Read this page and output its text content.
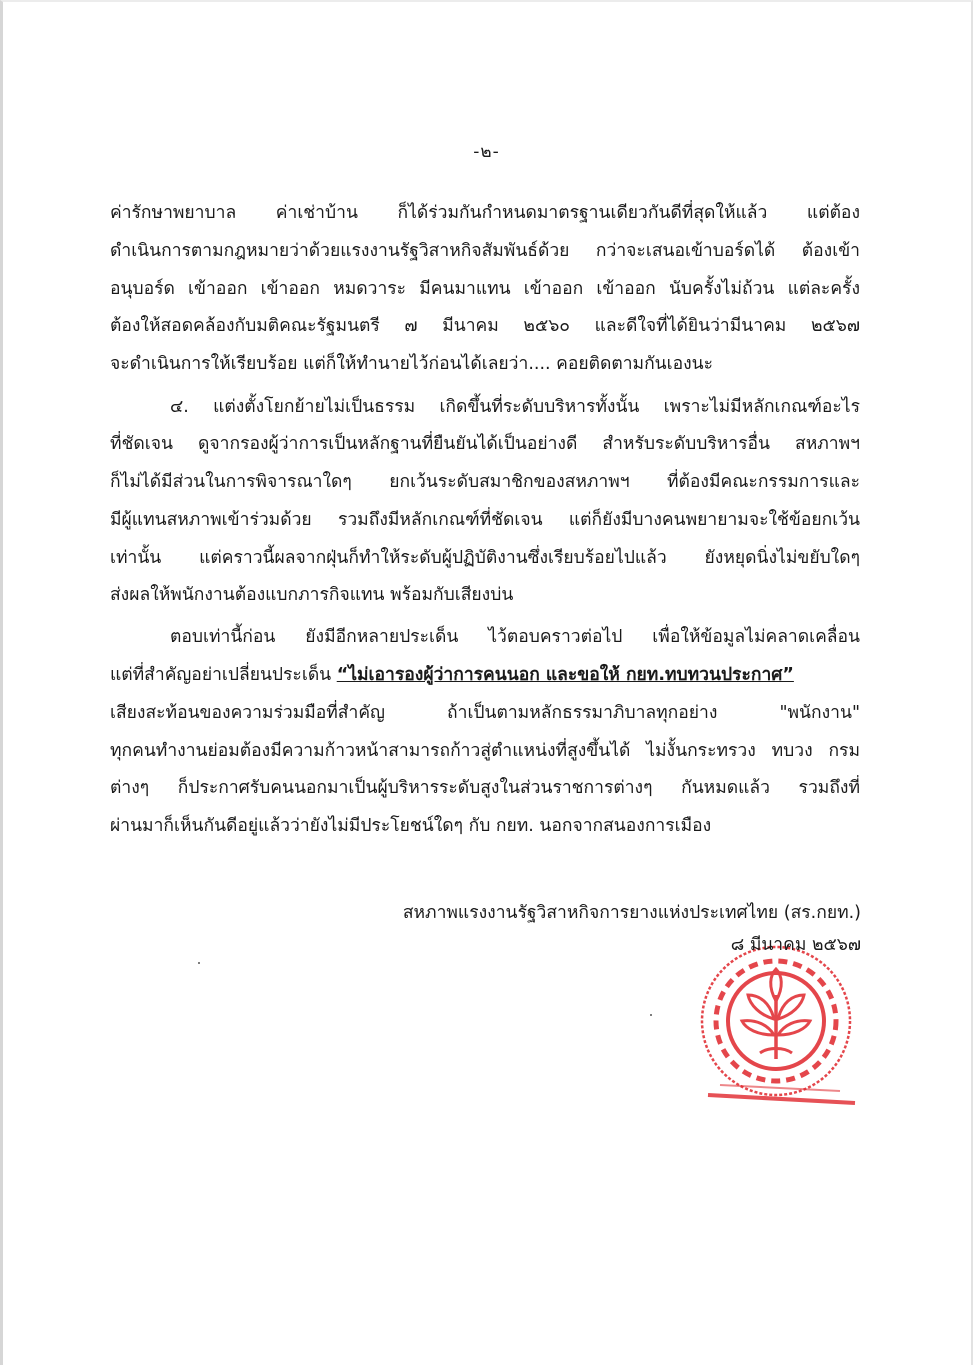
-๒-
ค่ารักษาพยาบาล ค่าเช่าบ้าน ก็ได้ร่วมกันกำหนดมาตรฐานเดียวกันดีที่สุดให้แล้ว แต่ต้อง
ดำเนินการตามกฎหมายว่าด้วยแรงงานรัฐวิสาหกิจสัมพันธ์ด้วย กว่าจะเสนอเข้าบอร์ดได้ ต้องเข้า
อนุบอร์ด เข้าออก เข้าออก หมดวาระ มีคนมาแทน เข้าออก เข้าออก นับครั้งไม่ถ้วน แต่ละครั้ง
ต้องให้สอดคล้องกับมติคณะรัฐมนตรี ๗ มีนาคม ๒๕๖๐ และดีใจที่ได้ยินว่ามีนาคม ๒๕๖๗
จะดำเนินการให้เรียบร้อย แต่ก็ให้ทำนายไว้ก่อนได้เลยว่า.... คอยติดตามกันเองนะ
๔. แต่งตั้งโยกย้ายไม่เป็นธรรม เกิดขึ้นที่ระดับบริหารทั้งนั้น เพราะไม่มีหลักเกณฑ์อะไร
ที่ชัดเจน ดูจากรองผู้ว่าการเป็นหลักฐานที่ยืนยันได้เป็นอย่างดี สำหรับระดับบริหารอื่น สหภาพฯ
ก็ไม่ได้มีส่วนในการพิจารณาใดๆ ยกเว้นระดับสมาชิกของสหภาพฯ ที่ต้องมีคณะกรรมการและ
มีผู้แทนสหภาพเข้าร่วมด้วย รวมถึงมีหลักเกณฑ์ที่ชัดเจน แต่ก็ยังมีบางคนพยายามจะใช้ข้อยกเว้น
เท่านั้น แต่คราวนี้ผลจากฝุ่นก็ทำให้ระดับผู้ปฏิบัติงานซึ่งเรียบร้อยไปแล้ว ยังหยุดนิ่งไม่ขยับใดๆ
ส่งผลให้พนักงานต้องแบกภารกิจแทน พร้อมกับเสียงบ่น
ตอบเท่านี้ก่อน ยังมีอีกหลายประเด็น ไว้ตอบคราวต่อไป เพื่อให้ข้อมูลไม่คลาดเคลื่อน
แต่ที่สำคัญอย่าเปลี่ยนประเด็น “ไม่เอารองผู้ว่าการคนนอก และขอให้ กยท.ทบทวนประกาศ”
เสียงสะท้อนของความร่วมมือที่สำคัญ ถ้าเป็นตามหลักธรรมาภิบาลทุกอย่าง "พนักงาน"
ทุกคนทำงานย่อมต้องมีความก้าวหน้าสามารถก้าวสู่ตำแหน่งที่สูงขึ้นได้ ไม่งั้นกระทรวง ทบวง กรม
ต่างๆ ก็ประกาศรับคนนอกมาเป็นผู้บริหารระดับสูงในส่วนราชการต่างๆ กันหมดแล้ว รวมถึงที่
ผ่านมาก็เห็นกันดีอยู่แล้วว่ายังไม่มีประโยชน์ใดๆ กับ กยท. นอกจากสนองการเมือง
สหภาพแรงงานรัฐวิสาหกิจการยางแห่งประเทศไทย (สร.กยท.)
๘ มีนาคม ๒๕๖๗
